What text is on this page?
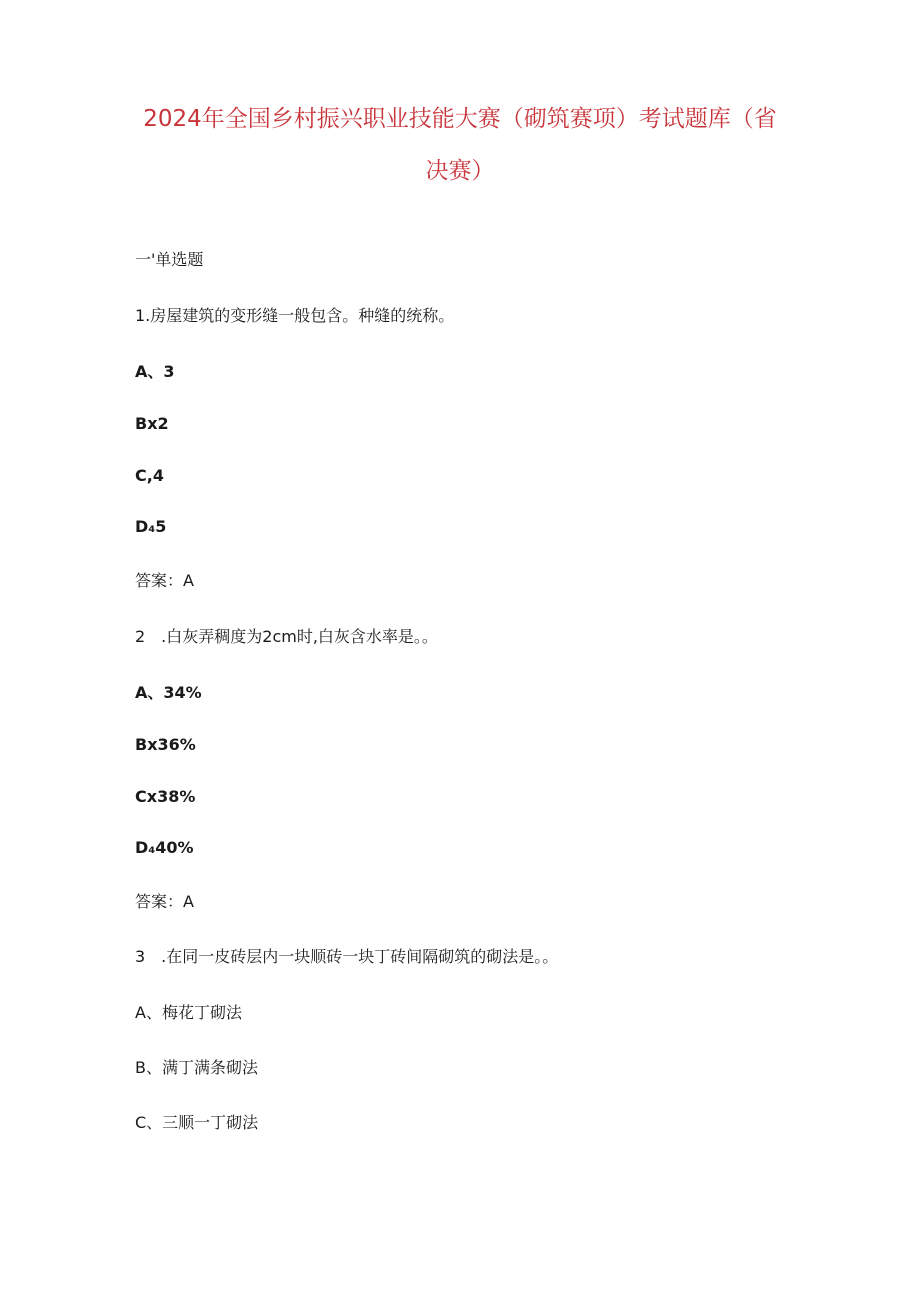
2024年全国乡村振兴职业技能大赛（砌筑赛项）考试题库（省
决赛）
一'单选题
1.房屋建筑的变形缝一般包含。种缝的统称。
A、3
Bx2
C,4
D₄5
答案：A
2　.白灰弄稠度为2cm时,白灰含水率是。。
A、34%
Bx36%
Cx38%
D₄40%
答案：A
3　.在同一皮砖层内一块顺砖一块丁砖间隔砌筑的砌法是。。
A、梅花丁砌法
B、满丁满条砌法
C、三顺一丁砌法
